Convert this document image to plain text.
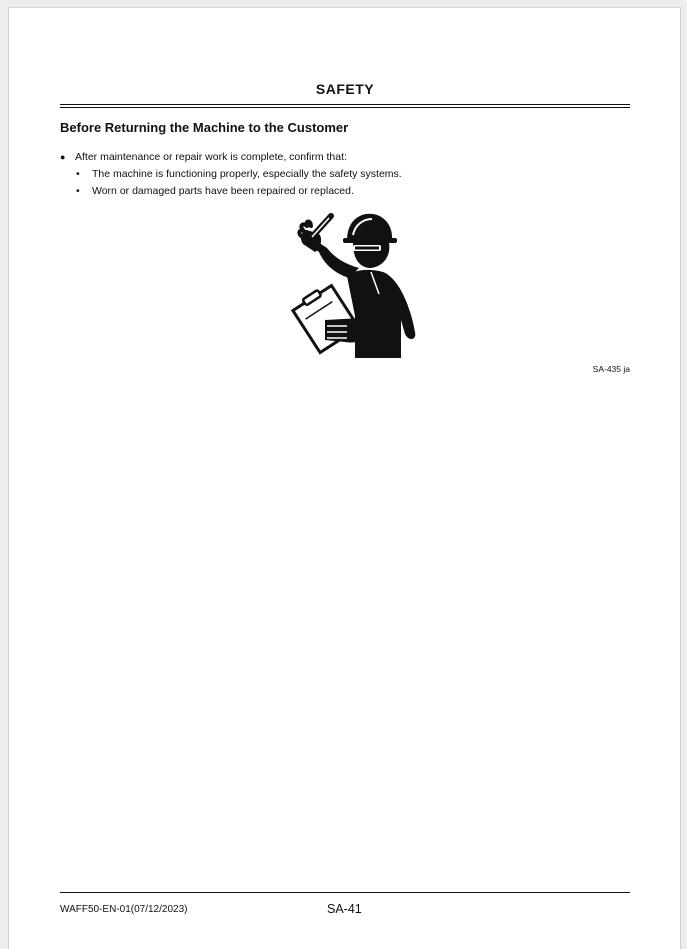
SAFETY
Before Returning the Machine to the Customer
● After maintenance or repair work is complete, confirm that:
•	The machine is functioning properly, especially the safety systems.
•	Worn or damaged parts have been repaired or replaced.
SA-435 ja
WAFF50-EN-01(07/12/2023)	SA-41
